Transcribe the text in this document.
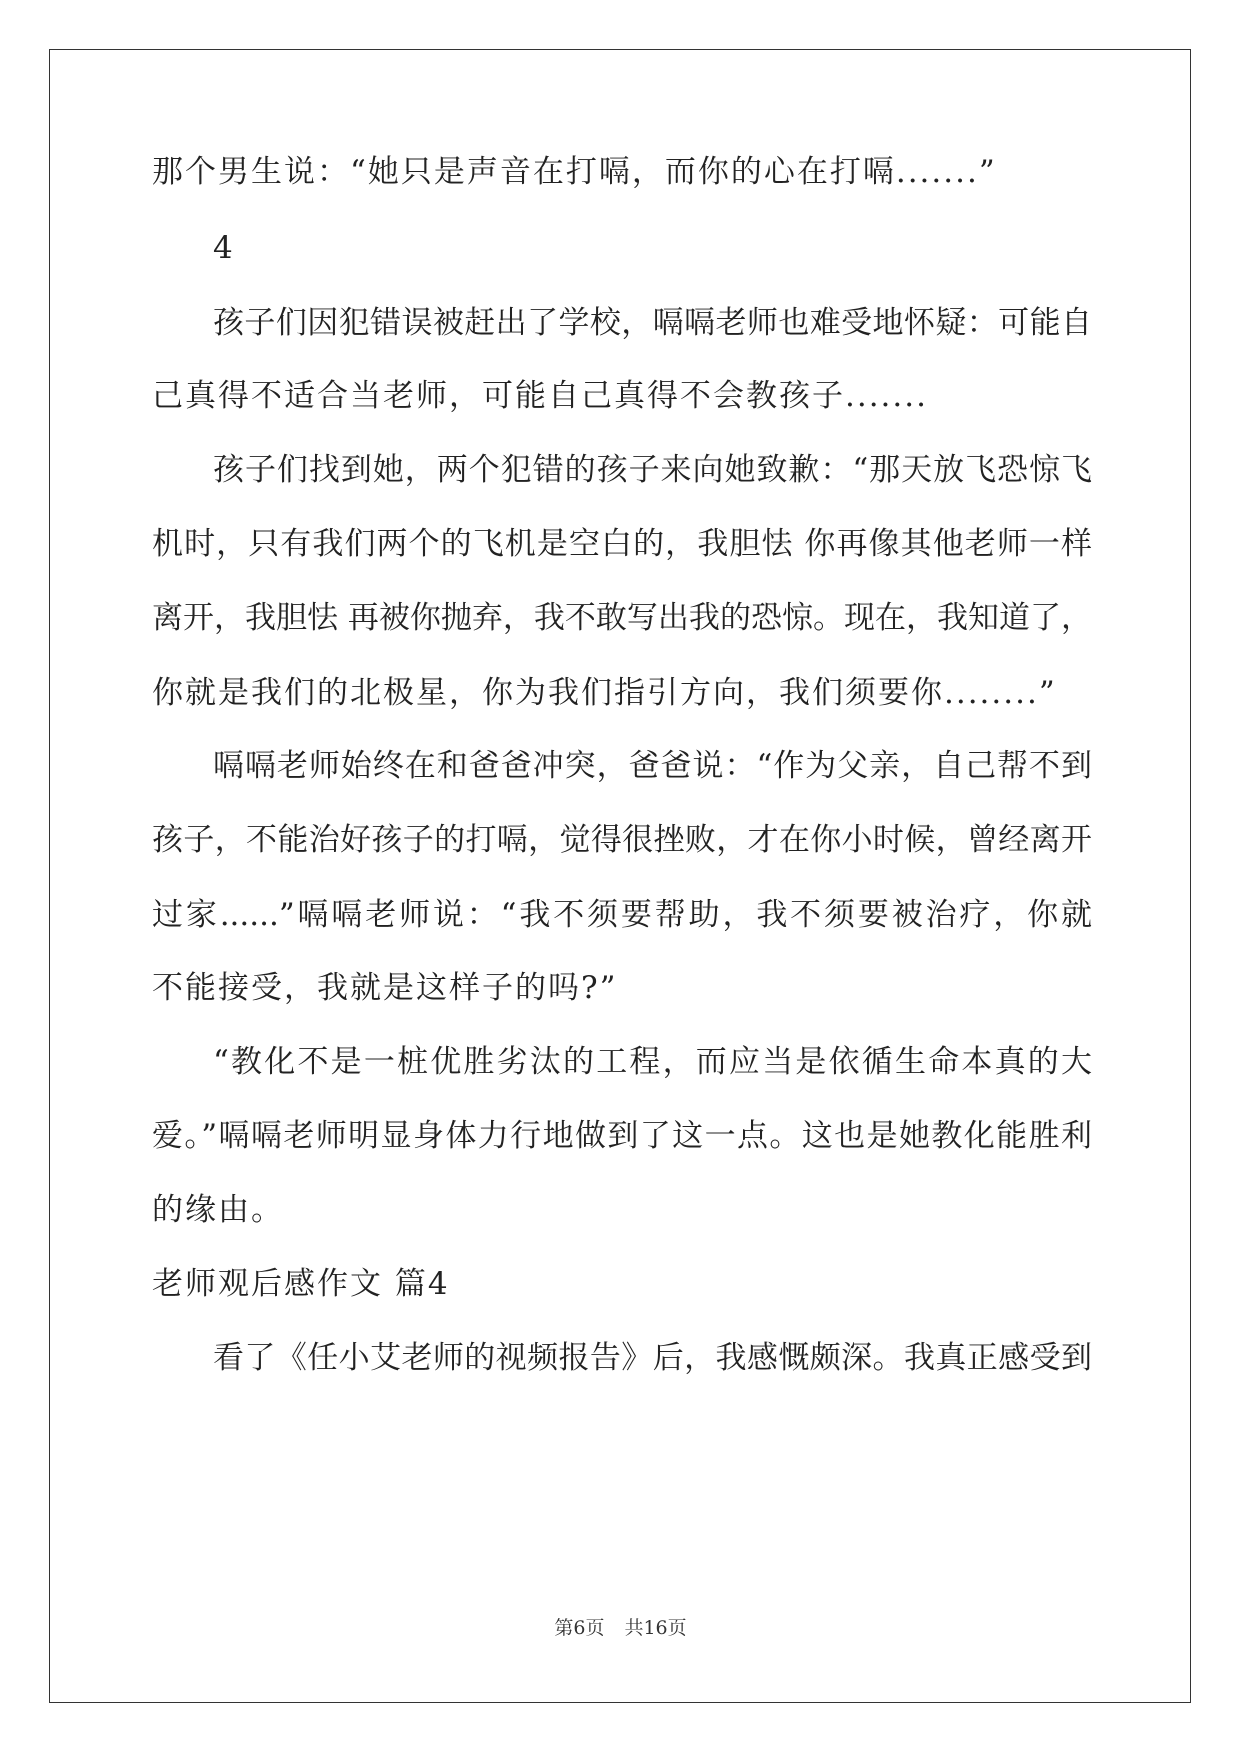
那个男生说：“她只是声音在打嗝，而你的心在打嗝.......”
4
孩子们因犯错误被赶出了学校，嗝嗝老师也难受地怀疑：可能自
己真得不适合当老师，可能自己真得不会教孩子.......
孩子们找到她，两个犯错的孩子来向她致歉：“那天放飞恐惊飞
机时，只有我们两个的飞机是空白的，我胆怯 你再像其他老师一样
离开，我胆怯 再被你抛弃，我不敢写出我的恐惊。现在，我知道了，
你就是我们的北极星，你为我们指引方向，我们须要你........”
嗝嗝老师始终在和爸爸冲突，爸爸说：“作为父亲，自己帮不到
孩子，不能治好孩子的打嗝，觉得很挫败，才在你小时候，曾经离开
过家......”嗝嗝老师说：“我不须要帮助，我不须要被治疗，你就
不能接受，我就是这样子的吗?”
“教化不是一桩优胜劣汰的工程，而应当是依循生命本真的大
爱。”嗝嗝老师明显身体力行地做到了这一点。这也是她教化能胜利
的缘由。
老师观后感作文 篇4
看了《任小艾老师的视频报告》后，我感慨颇深。我真正感受到
第6页 共16页
